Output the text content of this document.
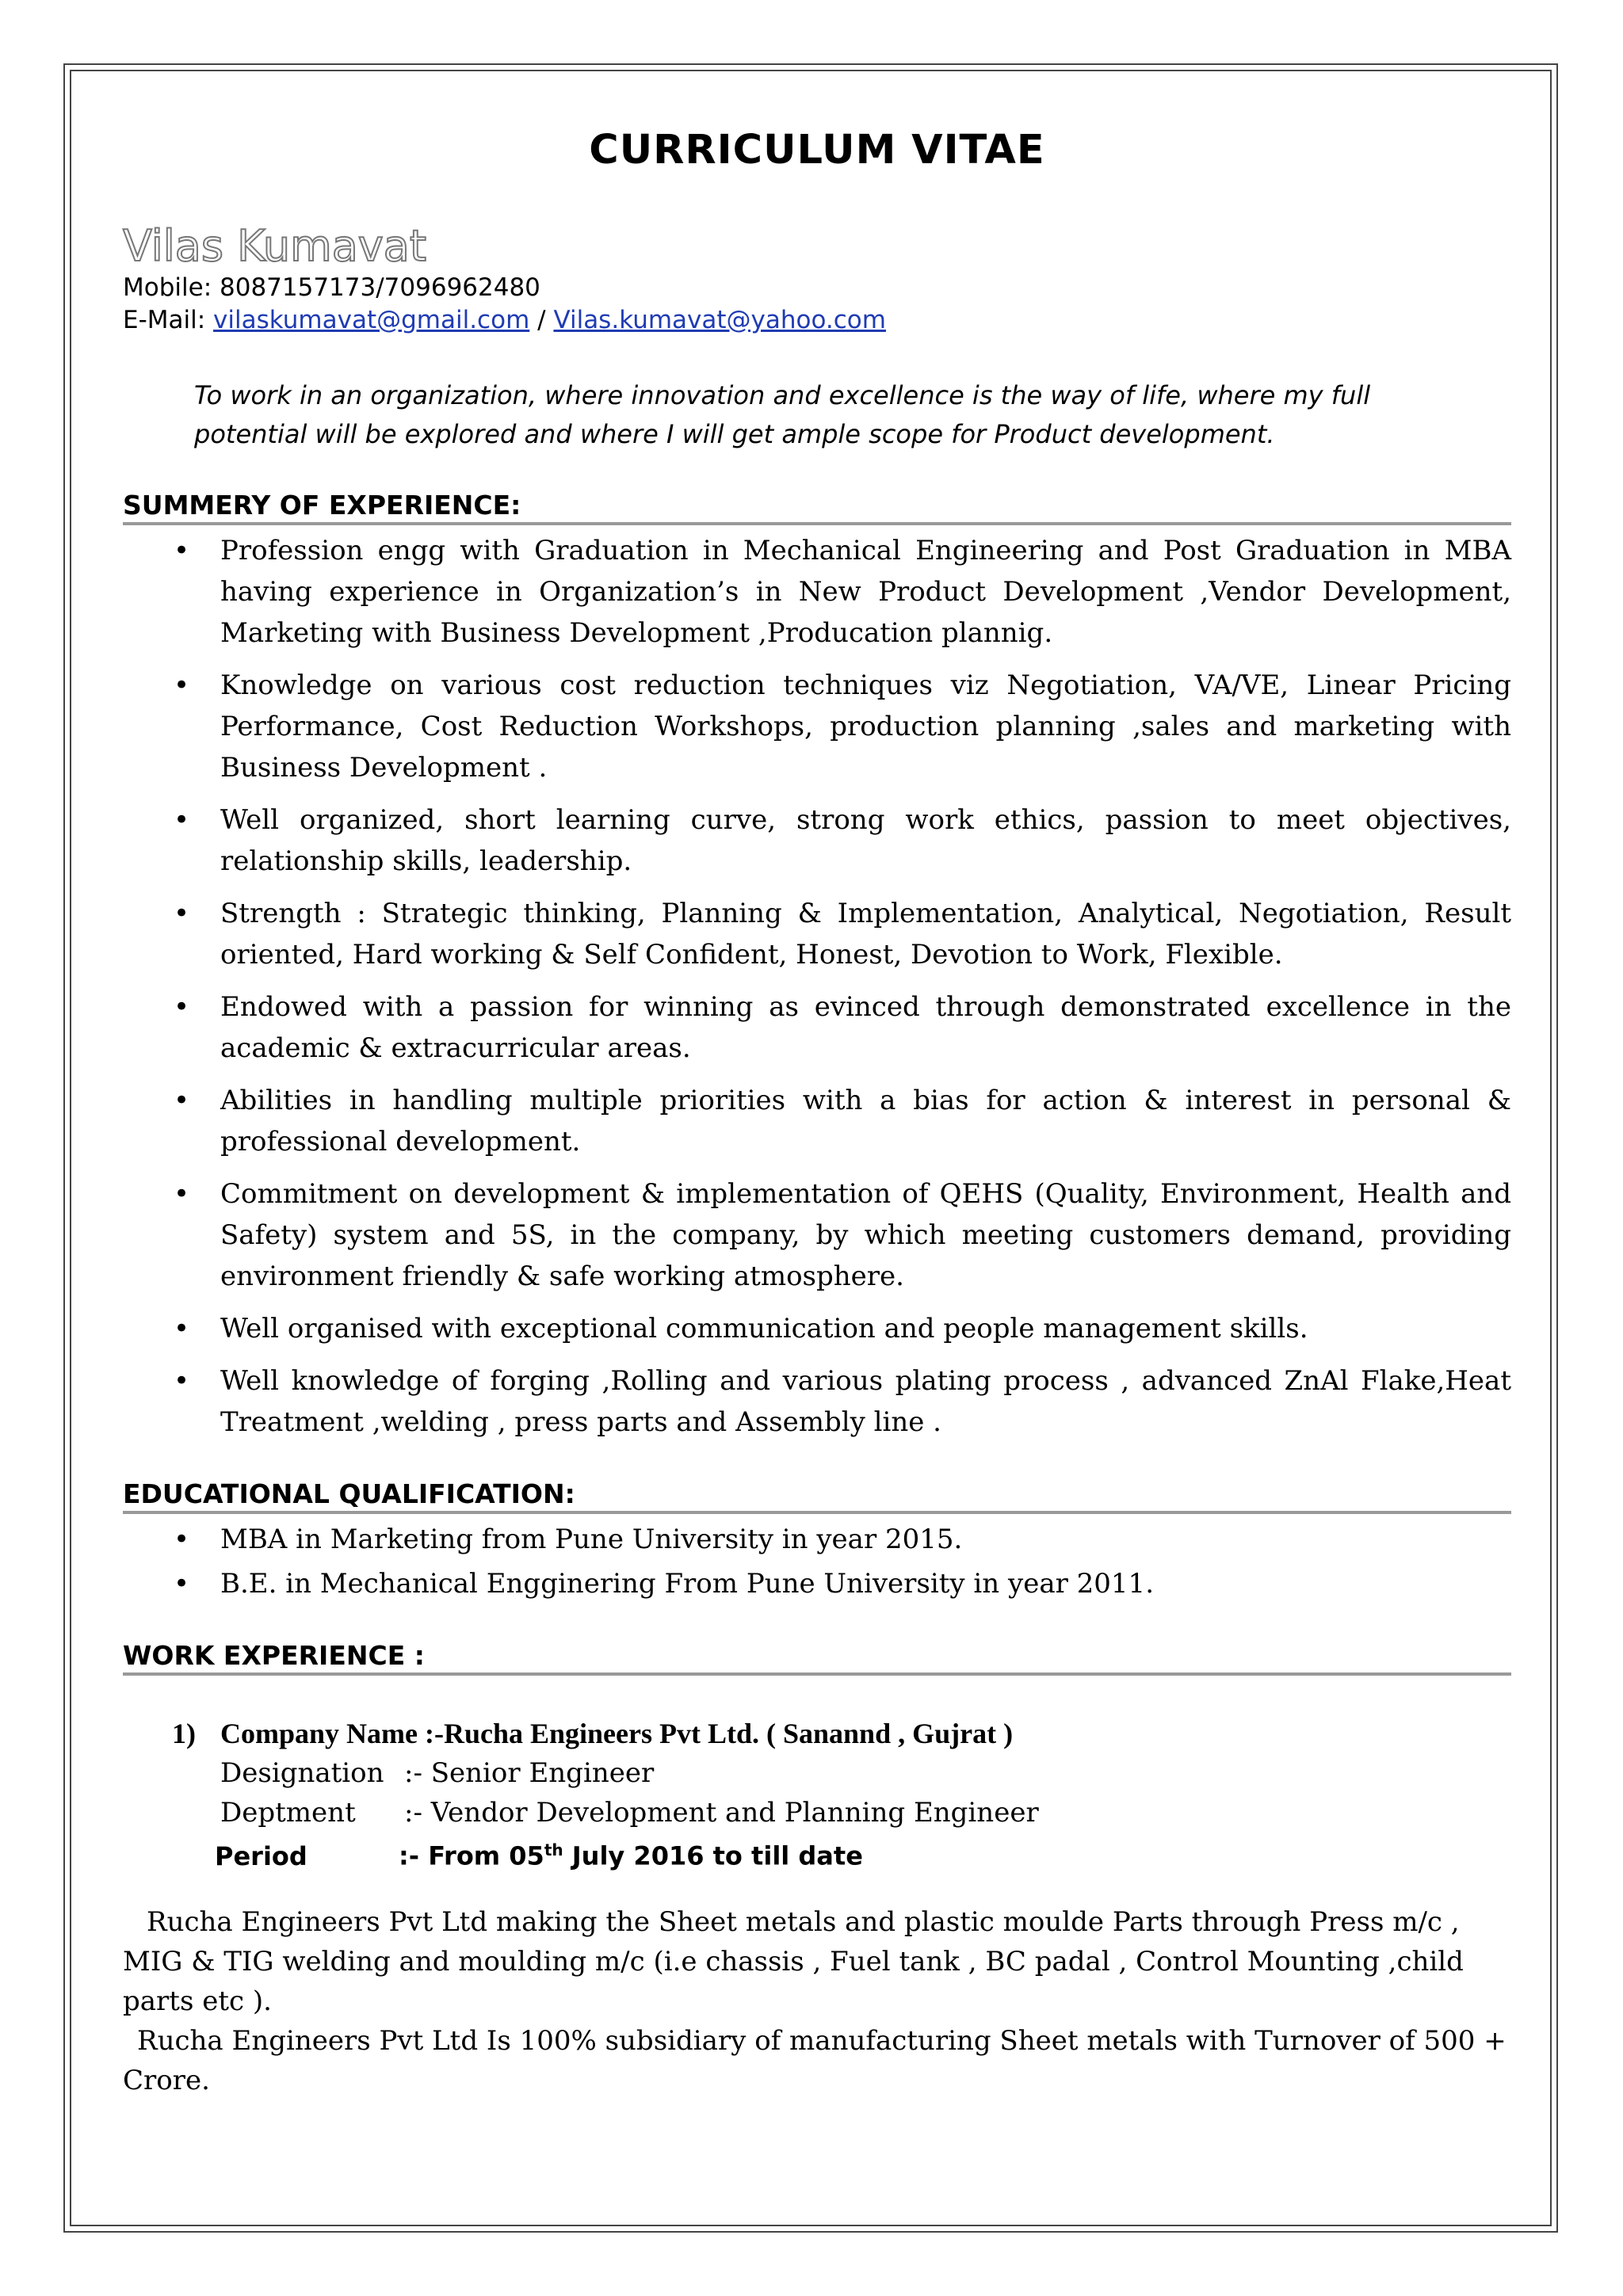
CURRICULUM VITAE
Vilas Kumavat
Mobile: 8087157173/7096962480
E-Mail: vilaskumavat@gmail.com / Vilas.kumavat@yahoo.com
To work in an organization, where innovation and excellence is the way of life, where my full potential will be explored and where I will get ample scope for Product development.
SUMMERY OF EXPERIENCE:
• Profession engg with Graduation in Mechanical Engineering and Post Graduation in MBA having experience in Organization’s in New Product Development ,Vendor Development, Marketing with Business Development ,Producation plannig.
• Knowledge on various cost reduction techniques viz Negotiation, VA/VE, Linear Pricing Performance, Cost Reduction Workshops, production planning ,sales and marketing with Business Development .
• Well organized, short learning curve, strong work ethics, passion to meet objectives, relationship skills, leadership.
• Strength : Strategic thinking, Planning & Implementation, Analytical, Negotiation, Result oriented, Hard working & Self Confident, Honest, Devotion to Work, Flexible.
• Endowed with a passion for winning as evinced through demonstrated excellence in the academic & extracurricular areas.
• Abilities in handling multiple priorities with a bias for action & interest in personal & professional development.
• Commitment on development & implementation of QEHS (Quality, Environment, Health and Safety) system and 5S, in the company, by which meeting customers demand, providing environment friendly & safe working atmosphere.
• Well organised with exceptional communication and people management skills.
• Well knowledge of forging ,Rolling and various plating process , advanced ZnAl Flake,Heat Treatment ,welding , press parts and Assembly line .
EDUCATIONAL QUALIFICATION:
• MBA in Marketing from Pune University in year 2015.
• B.E. in Mechanical Engginering From Pune University in year 2011.
WORK EXPERIENCE :
1) Company Name :-Rucha Engineers Pvt Ltd. ( Sanannd , Gujrat )
Designation :- Senior Engineer
Deptment :- Vendor Development and Planning Engineer
Period	:- From 05th July 2016 to till date
Rucha Engineers Pvt Ltd making the Sheet metals and plastic moulde Parts through Press m/c , MIG & TIG welding and moulding m/c (i.e chassis , Fuel tank , BC padal , Control Mounting ,child parts etc ).
Rucha Engineers Pvt Ltd Is 100% subsidiary of manufacturing Sheet metals with Turnover of 500 + Crore.
